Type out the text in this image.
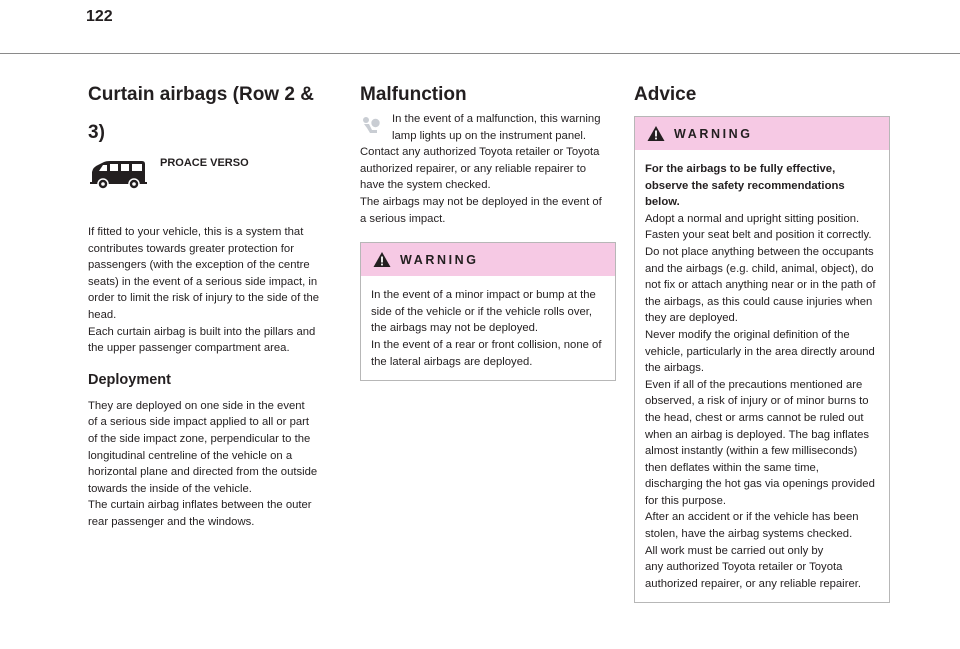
122
Curtain airbags (Row 2 & 3)
PROACE VERSO

If fitted to your vehicle, this is a system that
contributes towards greater protection for
passengers (with the exception of the centre
seats) in the event of a serious side impact, in
order to limit the risk of injury to the side of the
head.
Each curtain airbag is built into the pillars and
the upper passenger compartment area.

Deployment

They are deployed on one side in the event
of a serious side impact applied to all or part
of the side impact zone, perpendicular to the
longitudinal centreline of the vehicle on a
horizontal plane and directed from the outside
towards the inside of the vehicle.
The curtain airbag inflates between the outer
rear passenger and the windows.

Malfunction

In the event of a malfunction, this warning
lamp lights up on the instrument panel.

Contact any authorized Toyota retailer or Toyota
authorized repairer, or any reliable repairer to
have the system checked.
The airbags may not be deployed in the event of
a serious impact.

WARNING

In the event of a minor impact or bump at the
side of the vehicle or if the vehicle rolls over,
the airbags may not be deployed.
In the event of a rear or front collision, none of
the lateral airbags are deployed.

Advice
WARNING

For the airbags to be fully effective,
observe the safety recommendations
below.

Adopt a normal and upright sitting position.
Fasten your seat belt and position it correctly.
Do not place anything between the occupants
and the airbags (e.g. child, animal, object), do
not fix or attach anything near or in the path of
the airbags, as this could cause injuries when
they are deployed.
Never modify the original definition of the
vehicle, particularly in the area directly around
the airbags.
Even if all of the precautions mentioned are
observed, a risk of injury or of minor burns to
the head, chest or arms cannot be ruled out
when an airbag is deployed. The bag inflates
almost instantly (within a few milliseconds)
then deflates within the same time,
discharging the hot gas via openings provided
for this purpose.
After an accident or if the vehicle has been
stolen, have the airbag systems checked.
All work must be carried out only by
any authorized Toyota retailer or Toyota
authorized repairer, or any reliable repairer.
